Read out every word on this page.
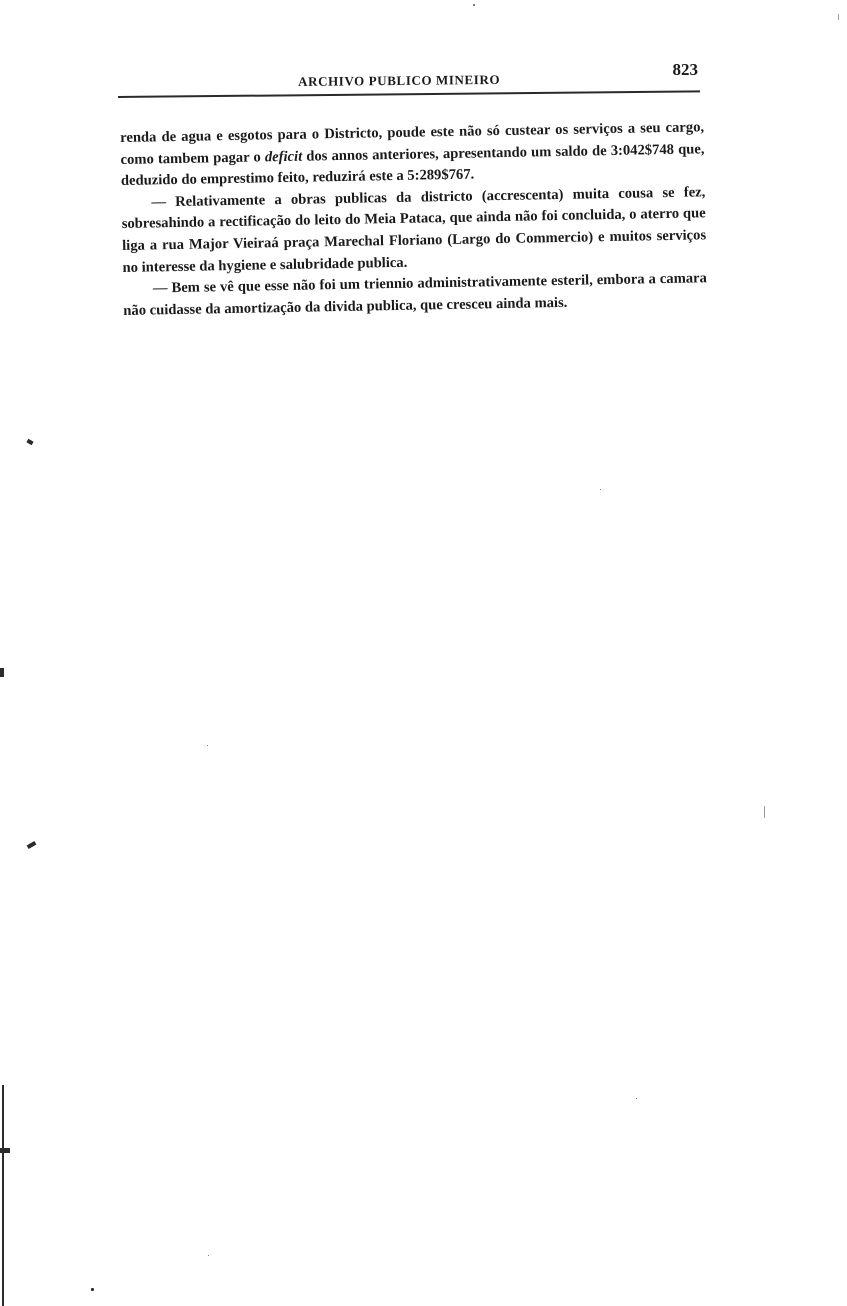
ARCHIVO PUBLICO MINEIRO
823

renda de agua e esgotos para o Districto, poude este não só custear os serviços a seu cargo, como tambem pagar o deficit dos annos anteriores, apresentando um saldo de 3:042$748 que, deduzido do emprestimo feito, reduzirá este a 5:289$767.

— Relativamente a obras publicas da districto (accrescenta) muita cousa se fez, sobresahindo a rectificação do leito do Meia Pataca, que ainda não foi concluida, o aterro que liga a rua Major Vieiraá praça Marechal Floriano (Largo do Commercio) e muitos serviços no interesse da hygiene e salubridade publica.

— Bem se vê que esse não foi um triennio administrativamente esteril, embora a camara não cuidasse da amortização da divida publica, que cresceu ainda mais.
